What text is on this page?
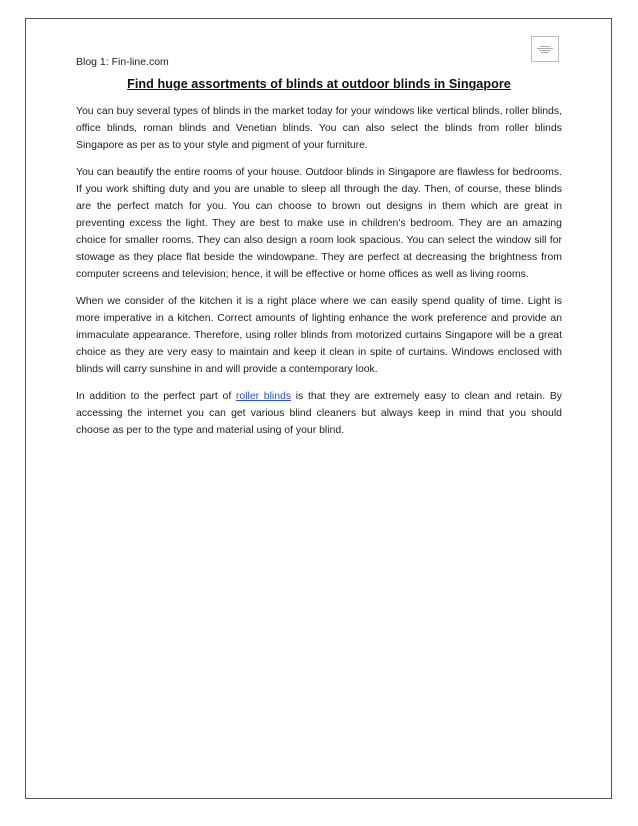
Blog 1: Fin-line.com
Find huge assortments of blinds at outdoor blinds in Singapore

You can buy several types of blinds in the market today for your windows like vertical blinds, roller blinds, office blinds, roman blinds and Venetian blinds. You can also select the blinds from roller blinds Singapore as per as to your style and pigment of your furniture.

You can beautify the entire rooms of your house. Outdoor blinds in Singapore are flawless for bedrooms. If you work shifting duty and you are unable to sleep all through the day. Then, of course, these blinds are the perfect match for you. You can choose to brown out designs in them which are great in preventing excess the light. They are best to make use in children's bedroom. They are an amazing choice for smaller rooms. They can also design a room look spacious. You can select the window sill for stowage as they place flat beside the windowpane. They are perfect at decreasing the brightness from computer screens and television; hence, it will be effective or home offices as well as living rooms.

When we consider of the kitchen it is a right place where we can easily spend quality of time. Light is more imperative in a kitchen. Correct amounts of lighting enhance the work preference and provide an immaculate appearance. Therefore, using roller blinds from motorized curtains Singapore will be a great choice as they are very easy to maintain and keep it clean in spite of curtains. Windows enclosed with blinds will carry sunshine in and will provide a contemporary look.

In addition to the perfect part of roller blinds is that they are extremely easy to clean and retain. By accessing the internet you can get various blind cleaners but always keep in mind that you should choose as per to the type and material using of your blind.
